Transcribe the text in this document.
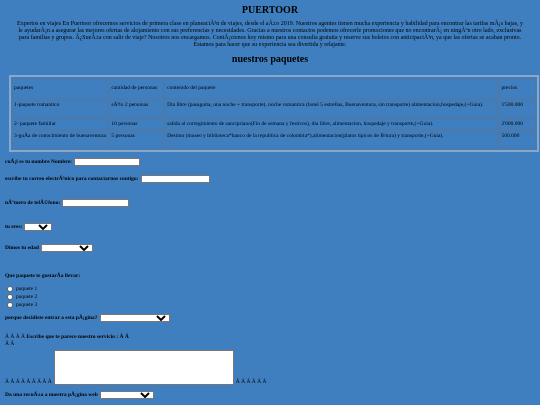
PUERTOOR
Expertos en viajes En Puertoor ofrecemos servicios de primera clase en planeaciÃ³n de viajes, desde el aÃ±o 2019. Nuestros agentes tienen mucha experiencia y habilidad para encontrar las tarifas mÃ¡s bajas, y le ayudarÃ¡n a asegurar las mejores ofertas de alojamiento con sus preferencias y necesidades. Gracias a nuestros contactos podemos ofrecerle promociones que no encontrarÃ¡ en ningÃºn otro lado, exclusivas para familias y grupos. Â¿SueÃ±a con salir de viaje? Nosotros nos encargamos. ContÃ¡ctenos hoy mismo para una consulta gratuita y reserve sus boletos con anticipaciÃ³n, ya que las ofertas se acaban pronto. Estamos para hacer que su experiencia sea divertida y relajante.
nuestros paquetes
paquetes	cantidad de personas	contenido del paquete	precios
1-paquete romantico	sÃ³lo 2 personas	Dia libre (pasaguita, una noche + transporte), noche romantica (hotel 5 estrellas, Buenaventura, sin transporte) alimentacion,hospedaje,(+Guia).	1'500.000
2- paquete familiar	10 personas	salida al corregimiento de sancipriano(Fin de semana y festivos), dia libre, alimentacion, hospedaje y transporte,(+Guia).	2'000.000
3-guÃa de conocimiento de buenaventura	5 personas	Destino (museo y biblioteca*banco de la republica de colombia*),alimentacion(platos tipicos de B/tura) y transporte,(+Guia).	500.000
cuÃ¡l es tu nombre Nombre:
escribe tu correo electrÃ³nico para contactarnos contigo:
nÃºmero de telÃ©fono:
tu eres:
Dimos tu edad
Que paquete te gustarÃa llevar:
paquete 1
paquete 2
paquete 3
porque decidiste entrar a esta pÃ¡gina?
Â Â Â Â Escribe que te parece nuestro servicio : Â Â
Â Â
Â Â Â Â Â Â Â Â Â	Â Â Â Â Â Â
Da una recuÃ±a a nuestra pÃ¡gina web
